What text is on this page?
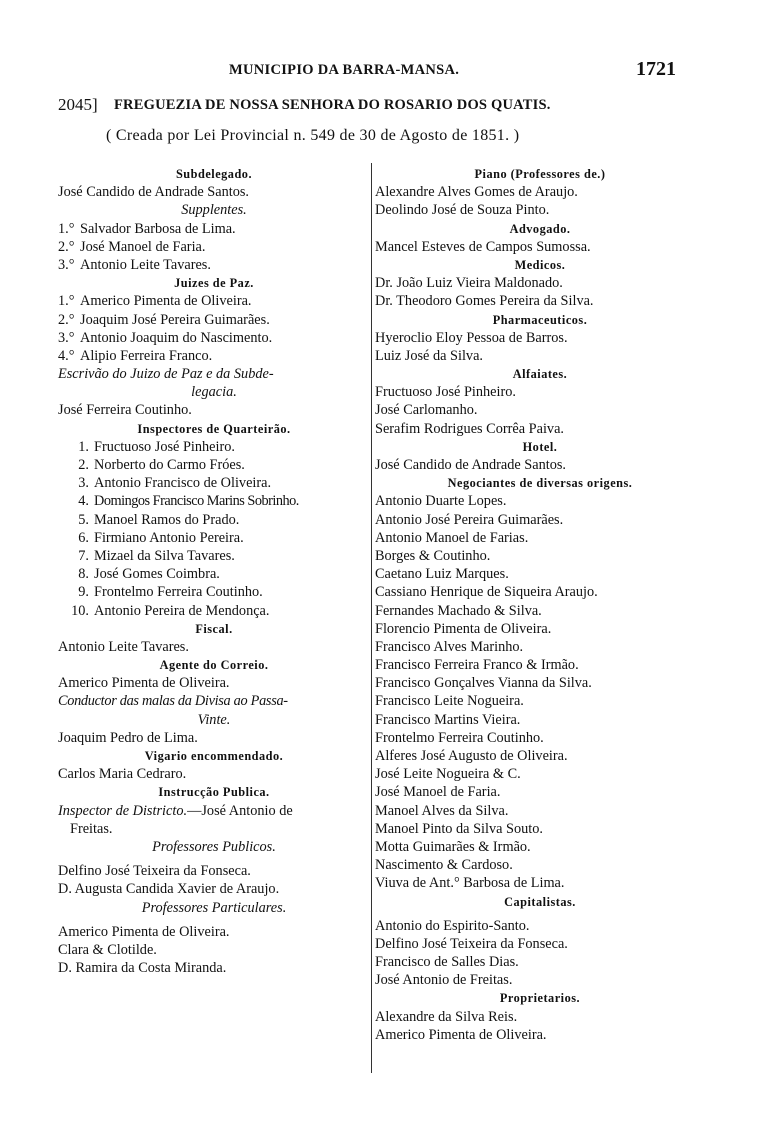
MUNICIPIO DA BARRA-MANSA.	1721
2045] FREGUEZIA DE NOSSA SENHORA DO ROSARIO DOS QUATIS.
( Creada por Lei Provincial n. 549 de 30 de Agosto de 1851. )
Subdelegado.
José Candido de Andrade Santos.
Supplentes.
1.° Salvador Barbosa de Lima.
2.° José Manoel de Faria.
3.° Antonio Leite Tavares.
Juizes de Paz.
1.° Americo Pimenta de Oliveira.
2.° Joaquim José Pereira Guimarães.
3.° Antonio Joaquim do Nascimento.
4.° Alipio Ferreira Franco.
Escrivão do Juizo de Paz e da Subde-
legacia.
José Ferreira Coutinho.
Inspectores de Quarteirão.
1. Fructuoso José Pinheiro.
2. Norberto do Carmo Fróes.
3. Antonio Francisco de Oliveira.
4. Domingos Francisco Marins Sobrinho.
5. Manoel Ramos do Prado.
6. Firmiano Antonio Pereira.
7. Mizael da Silva Tavares.
8. José Gomes Coimbra.
9. Frontelmo Ferreira Coutinho.
10. Antonio Pereira de Mendonça.
Fiscal.
Antonio Leite Tavares.
Agente do Correio.
Americo Pimenta de Oliveira.
Conductor das malas da Divisa ao Passa-
Vinte.
Joaquim Pedro de Lima.
Vigario encommendado.
Carlos Maria Cedraro.
Instrucção Publica.
Inspector de Districto.—José Antonio de
Freitas.
Professores Publicos.
Delfino José Teixeira da Fonseca.
D. Augusta Candida Xavier de Araujo.
Professores Particulares.
Americo Pimenta de Oliveira.
Clara & Clotilde.
D. Ramira da Costa Miranda.
Piano (Professores de.)
Alexandre Alves Gomes de Araujo.
Deolindo José de Souza Pinto.
Advogado.
Mancel Esteves de Campos Sumossa.
Medicos.
Dr. João Luiz Vieira Maldonado.
Dr. Theodoro Gomes Pereira da Silva.
Pharmaceuticos.
Hyeroclio Eloy Pessoa de Barros.
Luiz José da Silva.
Alfaiates.
Fructuoso José Pinheiro.
José Carlomanho.
Serafim Rodrigues Corrêa Paiva.
Hotel.
José Candido de Andrade Santos.
Negociantes de diversas origens.
Antonio Duarte Lopes.
Antonio José Pereira Guimarães.
Antonio Manoel de Farias.
Borges & Coutinho.
Caetano Luiz Marques.
Cassiano Henrique de Siqueira Araujo.
Fernandes Machado & Silva.
Florencio Pimenta de Oliveira.
Francisco Alves Marinho.
Francisco Ferreira Franco & Irmão.
Francisco Gonçalves Vianna da Silva.
Francisco Leite Nogueira.
Francisco Martins Vieira.
Frontelmo Ferreira Coutinho.
Alferes José Augusto de Oliveira.
José Leite Nogueira & C.
José Manoel de Faria.
Manoel Alves da Silva.
Manoel Pinto da Silva Souto.
Motta Guimarães & Irmão.
Nascimento & Cardoso.
Viuva de Ant.° Barbosa de Lima.
Capitalistas.
Antonio do Espirito-Santo.
Delfino José Teixeira da Fonseca.
Francisco de Salles Dias.
José Antonio de Freitas.
Proprietarios.
Alexandre da Silva Reis.
Americo Pimenta de Oliveira.
